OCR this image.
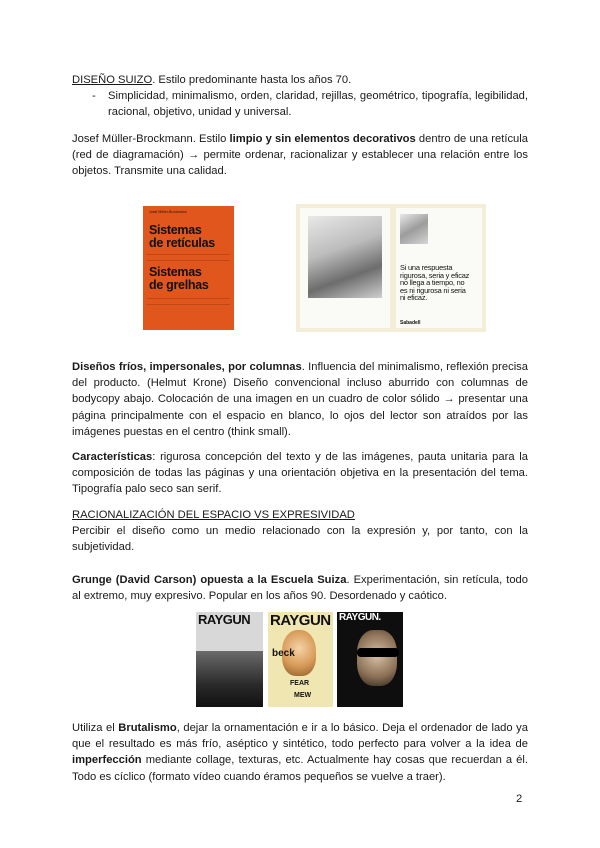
DISEÑO SUIZO. Estilo predominante hasta los años 70.
- Simplicidad, minimalismo, orden, claridad, rejillas, geométrico, tipografía, legibilidad, racional, objetivo, unidad y universal.
Josef Müller-Brockmann. Estilo limpio y sin elementos decorativos dentro de una retícula (red de diagramación) → permite ordenar, racionalizar y establecer una relación entre los objetos. Transmite una calidad.
Josef Müller-Brockmann
Sistemas
de retículas
Sistemas
de grelhas
Si una respuesta rigurosa, seria y eficaz no llega a tiempo, no es ni rigurosa ni seria ni eficaz.
Sabadell
Diseños fríos, impersonales, por columnas. Influencia del minimalismo, reflexión precisa del producto. (Helmut Krone) Diseño convencional incluso aburrido con columnas de bodycopy abajo. Colocación de una imagen en un cuadro de color sólido → presentar una página principalmente con el espacio en blanco, lo ojos del lector son atraídos por las imágenes puestas en el centro (think small).
Características: rigurosa concepción del texto y de las imágenes, pauta unitaria para la composición de todas las páginas y una orientación objetiva en la presentación del tema. Tipografía palo seco san serif.
RACIONALIZACIÓN DEL ESPACIO VS EXPRESIVIDAD
Percibir el diseño como un medio relacionado con la expresión y, por tanto, con la subjetividad.
Grunge (David Carson) opuesta a la Escuela Suiza. Experimentación, sin retícula, todo al extremo, muy expresivo. Popular en los años 90. Desordenado y caótico.
RAYGUN RAYGUN
beck
FEAR
MEW
RAYGUN.
Utiliza el Brutalismo, dejar la ornamentación e ir a lo básico. Deja el ordenador de lado ya que el resultado es más frío, aséptico y sintético, todo perfecto para volver a la idea de imperfección mediante collage, texturas, etc. Actualmente hay cosas que recuerdan a él. Todo es cíclico (formato vídeo cuando éramos pequeños se vuelve a traer).
2
